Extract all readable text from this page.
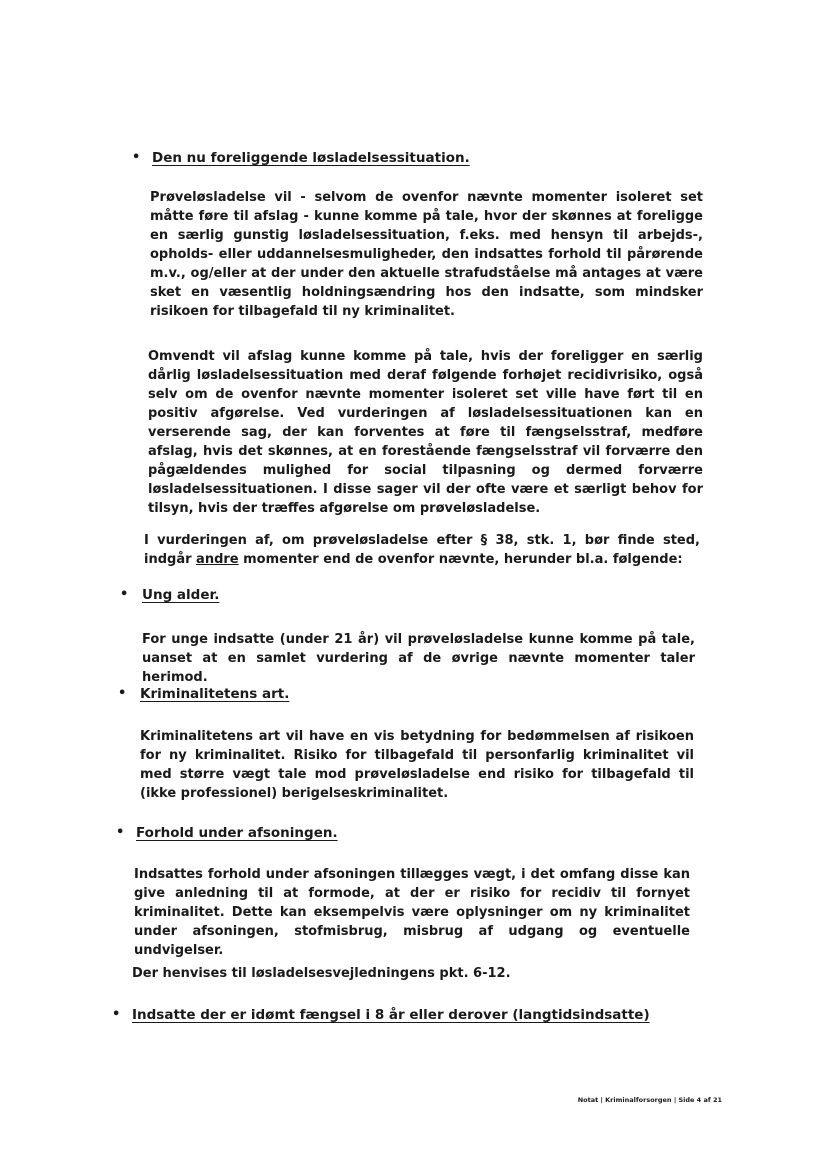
• Den nu foreliggende løsladelsessituation.

Prøveløsladelse vil - selvom de ovenfor nævnte momenter isoleret set måtte føre til afslag - kunne komme på tale, hvor der skønnes at foreligge en særlig gunstig løsladelsessituation, f.eks. med hensyn til arbejds-, opholds- eller uddannelsesmuligheder, den indsattes forhold til pårørende m.v., og/eller at der under den aktuelle strafudståelse må antages at være sket en væsentlig holdningsændring hos den indsatte, som mindsker risikoen for tilbagefald til ny kriminalitet.

Omvendt vil afslag kunne komme på tale, hvis der foreligger en særlig dårlig løsladelsessituation med deraf følgende forhøjet recidivrisiko, også selv om de ovenfor nævnte momenter isoleret set ville have ført til en positiv afgørelse. Ved vurderingen af løsladelsessituationen kan en verserende sag, der kan forventes at føre til fængselsstraf, medføre afslag, hvis det skønnes, at en forestående fængselsstraf vil forværre den pågældendes mulighed for social tilpasning og dermed forværre løsladelsessituationen. I disse sager vil der ofte være et særligt behov for tilsyn, hvis der træffes afgørelse om prøveløsladelse.

I vurderingen af, om prøveløsladelse efter § 38, stk. 1, bør finde sted, indgår andre momenter end de ovenfor nævnte, herunder bl.a. følgende:

• Ung alder.

For unge indsatte (under 21 år) vil prøveløsladelse kunne komme på tale, uanset at en samlet vurdering af de øvrige nævnte momenter taler herimod.

• Kriminalitetens art.

Kriminalitetens art vil have en vis betydning for bedømmelsen af risikoen for ny kriminalitet. Risiko for tilbagefald til personfarlig kriminalitet vil med større vægt tale mod prøveløsladelse end risiko for tilbagefald til (ikke professionel) berigelseskriminalitet.

• Forhold under afsoningen.

Indsattes forhold under afsoningen tillægges vægt, i det omfang disse kan give anledning til at formode, at der er risiko for recidiv til fornyet kriminalitet. Dette kan eksempelvis være oplysninger om ny kriminalitet under afsoningen, stofmisbrug, misbrug af udgang og eventuelle undvigelser.

Der henvises til løsladelsesvejledningens pkt. 6-12.

• Indsatte der er idømt fængsel i 8 år eller derover (langtidsindsatte)
Notat | Kriminalforsorgen | Side 4 af 21
